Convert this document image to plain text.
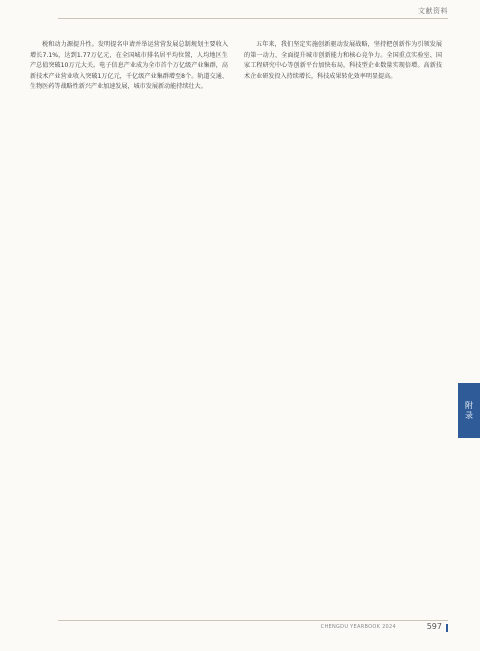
文献资料

税和动力源提升性。发明提名申请并举运营营发展总制规划主要收入增长7.1%，达到1.77万亿元，在全国城市排名居平均位置，人均地区生产总值突破10万元大关。电子信息产业成为全市首个万亿级产业集群，高新技术产业营业收入突破1万亿元，千亿级产业集群增至8个。轨道交通、生物医药等战略性新兴产业加速发展，城市发展新动能持续壮大。

五年来，我们坚定实施创新驱动发展战略，坚持把创新作为引领发展的第一动力，全面提升城市创新能力和核心竞争力。全国重点实验室、国家工程研究中心等创新平台加快布局，科技型企业数量实现倍增。高新技术企业研发投入持续增长，科技成果转化效率明显提高。

附录
CHENGDU YEARBOOK 2024	597
